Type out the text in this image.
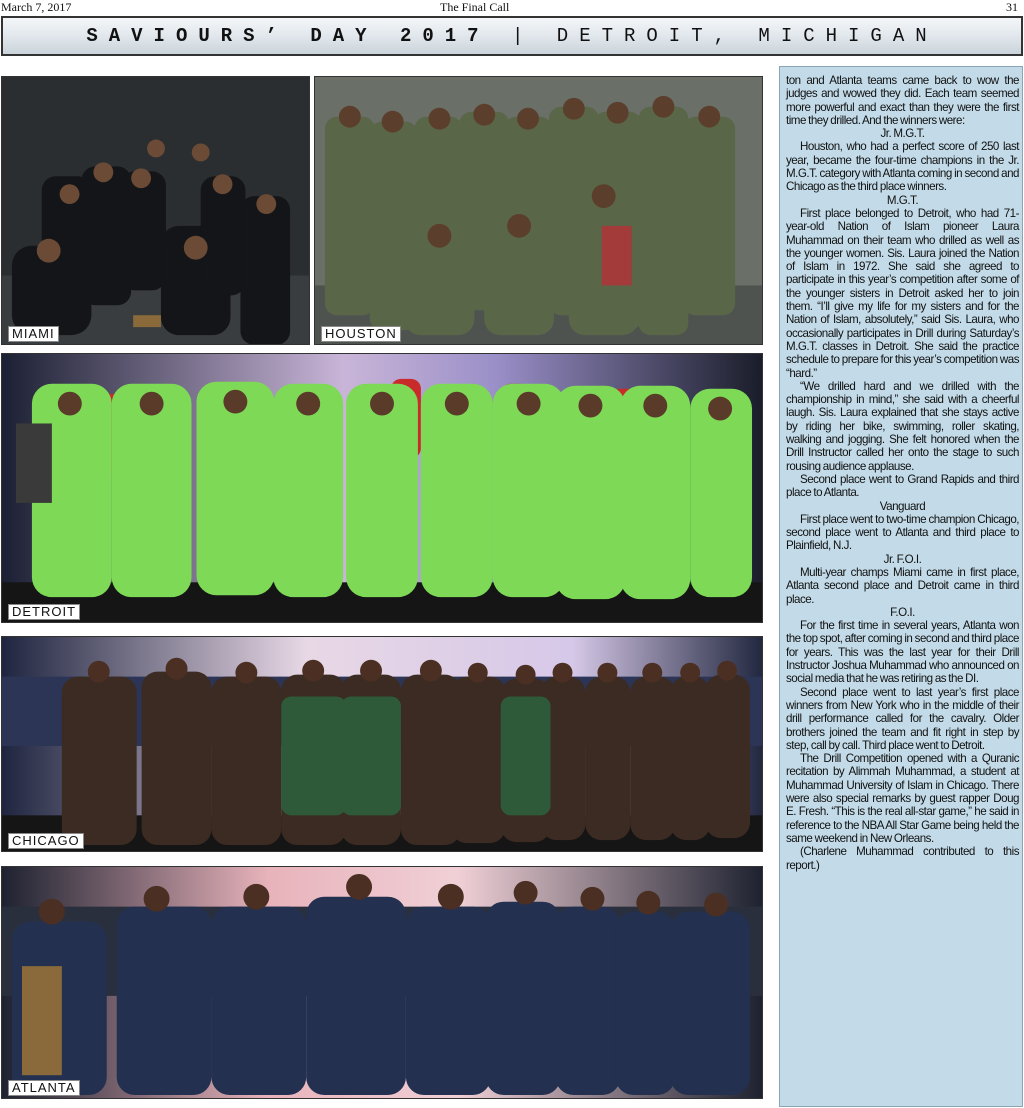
March 7, 2017	The Final Call	31
SAVIOURS’ DAY 2017 | DETROIT, MICHIGAN
MIAMI	HOUSTON
DETROIT
CHICAGO
ATLANTA

ton and Atlanta teams came back to wow the judges and wowed they did. Each team seemed more powerful and exact than they were the first time they drilled. And the winners were:

Jr. M.G.T.

Houston, who had a perfect score of 250 last year, became the four-time champions in the Jr. M.G.T. category with Atlanta coming in second and Chicago as the third place winners.

M.G.T.

First place belonged to Detroit, who had 71-year-old Nation of Islam pioneer Laura Muhammad on their team who drilled as well as the younger women. Sis. Laura joined the Nation of Islam in 1972. She said she agreed to participate in this year’s competition after some of the younger sisters in Detroit asked her to join them. “I’ll give my life for my sisters and for the Nation of Islam, absolutely,” said Sis. Laura, who occasionally participates in Drill during Saturday’s M.G.T. classes in Detroit. She said the practice schedule to prepare for this year’s competition was “hard.”

“We drilled hard and we drilled with the championship in mind,” she said with a cheerful laugh. Sis. Laura explained that she stays active by riding her bike, swimming, roller skating, walking and jogging. She felt honored when the Drill Instructor called her onto the stage to such rousing audience applause.

Second place went to Grand Rapids and third place to Atlanta.

Vanguard

First place went to two-time champion Chicago, second place went to Atlanta and third place to Plainfield, N.J.

Jr. F.O.I.

Multi-year champs Miami came in first place, Atlanta second place and Detroit came in third place.

F.O.I.

For the first time in several years, Atlanta won the top spot, after coming in second and third place for years. This was the last year for their Drill Instructor Joshua Muhammad who announced on social media that he was retiring as the DI.

Second place went to last year’s first place winners from New York who in the middle of their drill performance called for the cavalry. Older brothers joined the team and fit right in step by step, call by call. Third place went to Detroit.

The Drill Competition opened with a Quranic recitation by Alimmah Muhammad, a student at Muhammad University of Islam in Chicago. There were also special remarks by guest rapper Doug E. Fresh. “This is the real all-star game,” he said in reference to the NBA All Star Game being held the same weekend in New Orleans.

(Charlene Muhammad contributed to this report.)
